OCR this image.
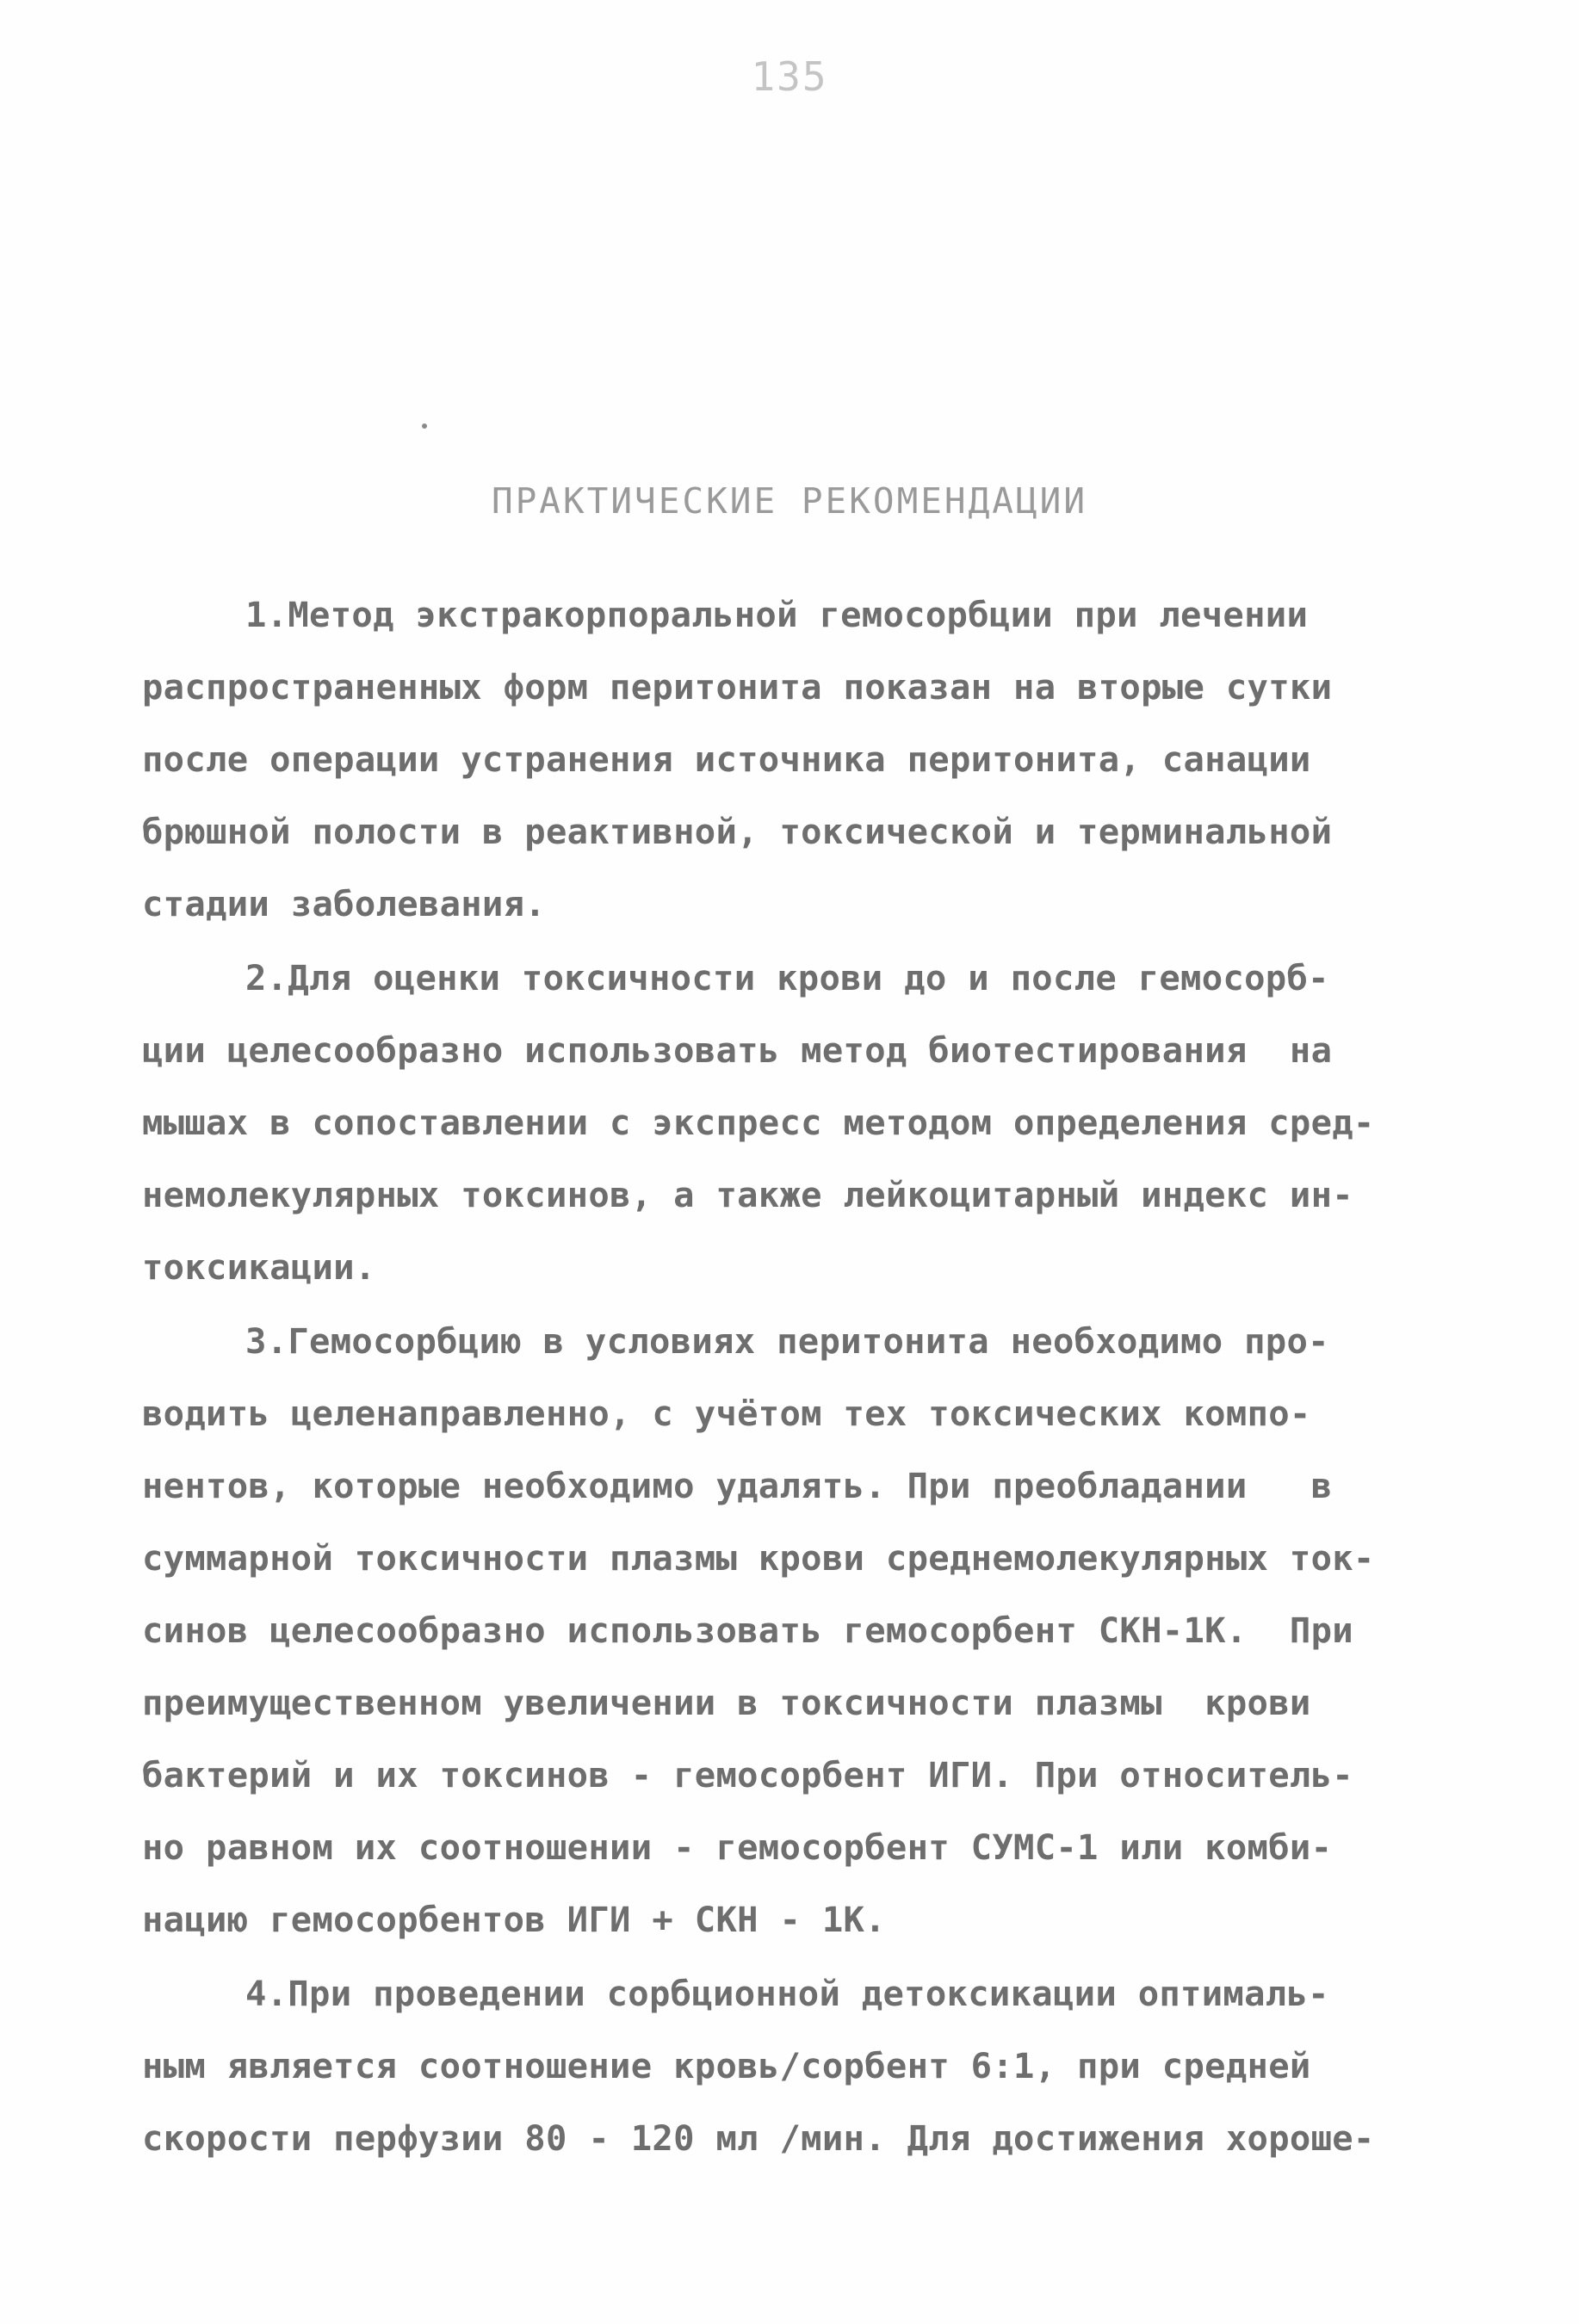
135
ПРАКТИЧЕСКИЕ РЕКОМЕНДАЦИИ
1.Метод экстракорпоральной гемосорбции при лечении
распространенных форм перитонита показан на вторые сутки
после операции устранения источника перитонита, санации
брюшной полости в реактивной, токсической и терминальной
стадии заболевания.
2.Для оценки токсичности крови до и после гемосорб-
ции целесообразно использовать метод биотестирования  на
мышах в сопоставлении с экспресс методом определения сред-
немолекулярных токсинов, а также лейкоцитарный индекс ин-
токсикации.
3.Гемосорбцию в условиях перитонита необходимо про-
водить целенаправленно, с учётом тех токсических компо-
нентов, которые необходимо удалять. При преобладании   в
суммарной токсичности плазмы крови среднемолекулярных ток-
синов целесообразно использовать гемосорбент СКН-1К.  При
преимущественном увеличении в токсичности плазмы  крови
бактерий и их токсинов - гемосорбент ИГИ. При относитель-
но равном их соотношении - гемосорбент СУМС-1 или комби-
нацию гемосорбентов ИГИ + СКН - 1К.
4.При проведении сорбционной детоксикации оптималь-
ным является соотношение кровь/сорбент 6:1, при средней
скорости перфузии 80 - 120 мл /мин. Для достижения хороше-
